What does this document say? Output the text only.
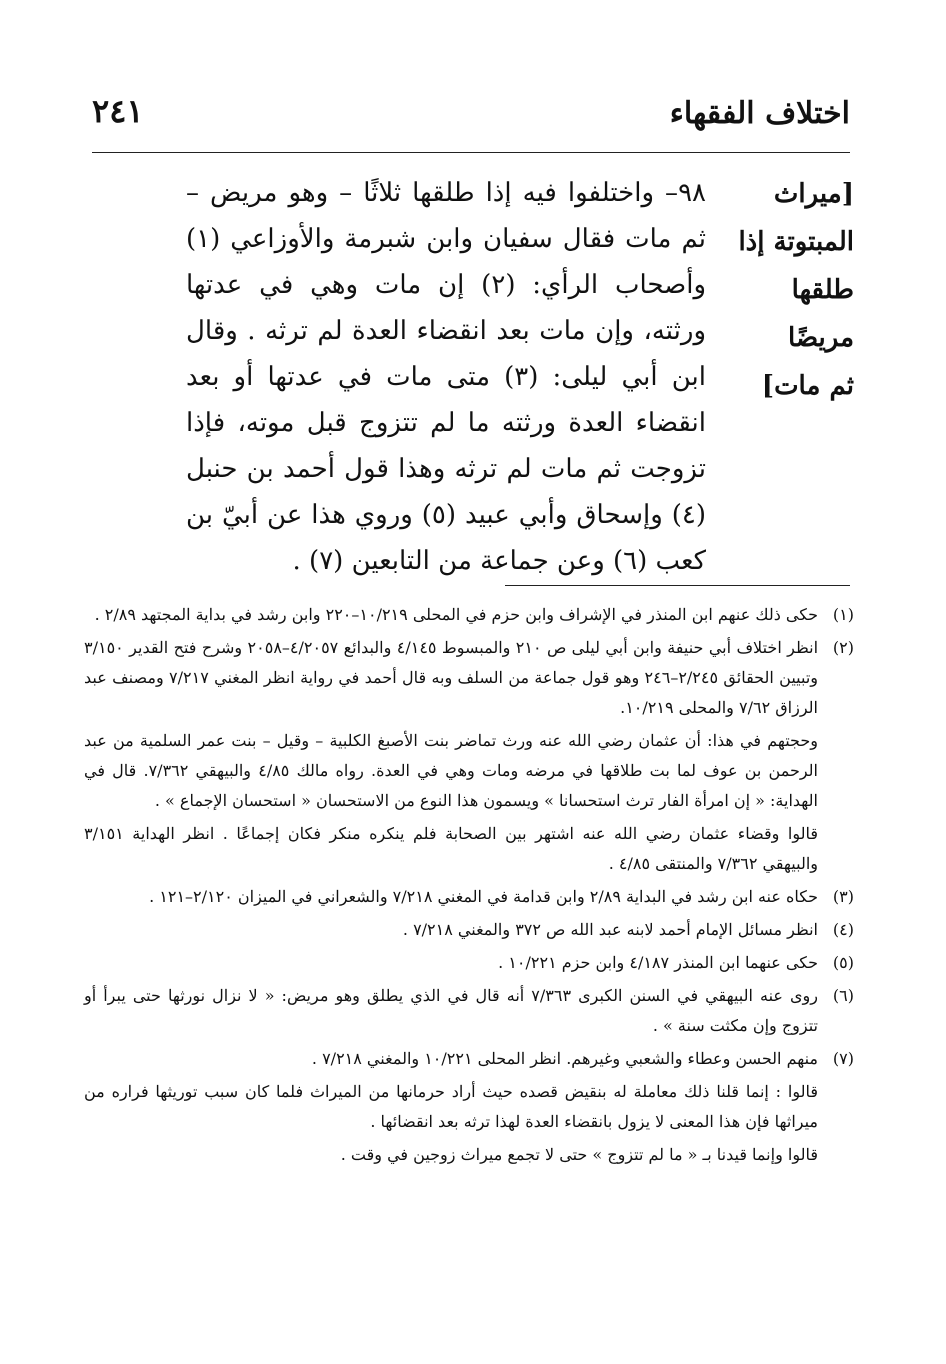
اختلاف الفقهاء
٢٤١
[ميراث
المبتوتة إذا
طلقها مريضًا
ثم مات]

٩٨– واختلفوا فيه إذا طلقها ثلاثًا – وهو مريض – ثم مات فقال سفيان وابن شبرمة والأوزاعي (١) وأصحاب الرأي: (٢) إن مات وهي في عدتها ورثته، وإن مات بعد انقضاء العدة لم ترثه . وقال ابن أبي ليلى: (٣) متى مات في عدتها أو بعد انقضاء العدة ورثته ما لم تتزوج قبل موته، فإذا تزوجت ثم مات لم ترثه وهذا قول أحمد بن حنبل (٤) وإسحاق وأبي عبيد (٥) وروي هذا عن أبيّ بن كعب (٦) وعن جماعة من التابعين (٧) .

(١)
حكى ذلك عنهم ابن المنذر في الإشراف وابن حزم في المحلى ١٠/٢١٩–٢٢٠ وابن رشد في بداية المجتهد ٢/٨٩ .
(٢)
انظر اختلاف أبي حنيفة وابن أبي ليلى ص ٢١٠ والمبسوط ٤/١٤٥ والبدائع ٤/٢٠٥٧–٢٠٥٨ وشرح فتح القدير ٣/١٥٠ وتبيين الحقائق ٢/٢٤٥–٢٤٦ وهو قول جماعة من السلف وبه قال أحمد في رواية انظر المغني ٧/٢١٧ ومصنف عبد الرزاق ٧/٦٢ والمحلى ١٠/٢١٩.
وحجتهم في هذا: أن عثمان رضي الله عنه ورث تماضر بنت الأصبغ الكلبية – وقيل – بنت عمر السلمية من عبد الرحمن بن عوف لما بت طلاقها في مرضه ومات وهي في العدة. رواه مالك ٤/٨٥ والبيهقي ٧/٣٦٢. قال في الهداية: « إن امرأة الفار ترث استحسانا » ويسمون هذا النوع من الاستحسان « استحسان الإجماع » .
قالوا وقضاء عثمان رضي الله عنه اشتهر بين الصحابة فلم ينكره منكر فكان إجماعًا . انظر الهداية ٣/١٥١ والبيهقي ٧/٣٦٢ والمنتقى ٤/٨٥ .
(٣)
حكاه عنه ابن رشد في البداية ٢/٨٩ وابن قدامة في المغني ٧/٢١٨ والشعراني في الميزان ٢/١٢٠–١٢١ .
(٤)
انظر مسائل الإمام أحمد لابنه عبد الله ص ٣٧٢ والمغني ٧/٢١٨ .
(٥)
حكى عنهما ابن المنذر ٤/١٨٧ وابن حزم ١٠/٢٢١ .
(٦)
روى عنه البيهقي في السنن الكبرى ٧/٣٦٣ أنه قال في الذي يطلق وهو مريض: « لا نزال نورثها حتى يبرأ أو تتزوج وإن مكثت سنة » .
(٧)
منهم الحسن وعطاء والشعبي وغيرهم. انظر المحلى ١٠/٢٢١ والمغني ٧/٢١٨ .
قالوا : إنما قلنا ذلك معاملة له بنقيض قصده حيث أراد حرمانها من الميراث فلما كان سبب توريثها فراره من ميراثها فإن هذا المعنى لا يزول بانقضاء العدة لهذا ترثه بعد انقضائها .
قالوا وإنما قيدنا بـ « ما لم تتزوج » حتى لا تجمع ميراث زوجين في وقت .
